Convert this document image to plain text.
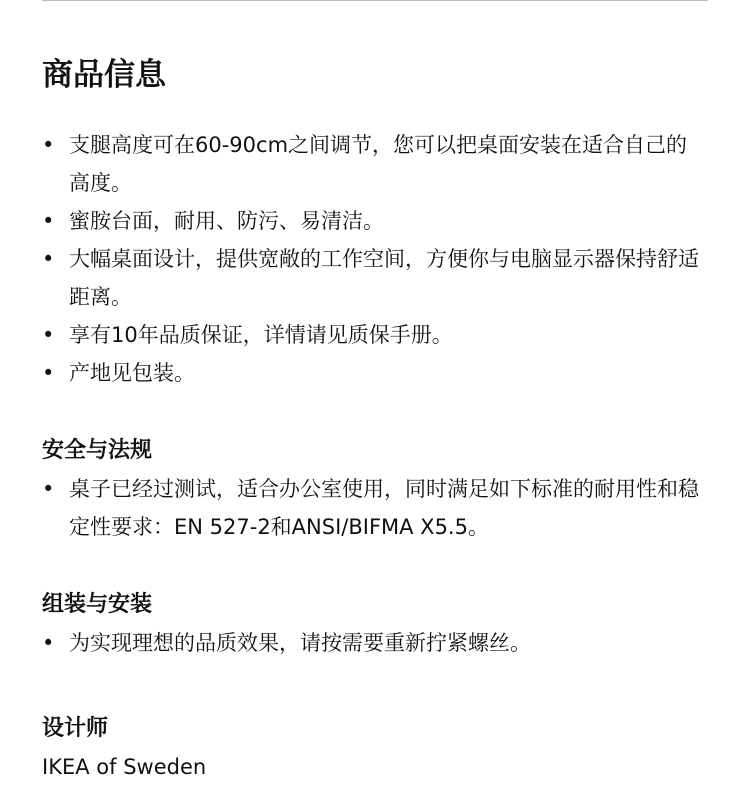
商品信息
• 支腿高度可在60-90cm之间调节，您可以把桌面安装在适合自己的高度。
• 蜜胺台面，耐用、防污、易清洁。
• 大幅桌面设计，提供宽敞的工作空间，方便你与电脑显示器保持舒适距离。
• 享有10年品质保证，详情请见质保手册。
• 产地见包装。
安全与法规
• 桌子已经过测试，适合办公室使用，同时满足如下标准的耐用性和稳定性要求：EN 527-2和ANSI/BIFMA X5.5。
组装与安装
• 为实现理想的品质效果，请按需要重新拧紧螺丝。
设计师
IKEA of Sweden
